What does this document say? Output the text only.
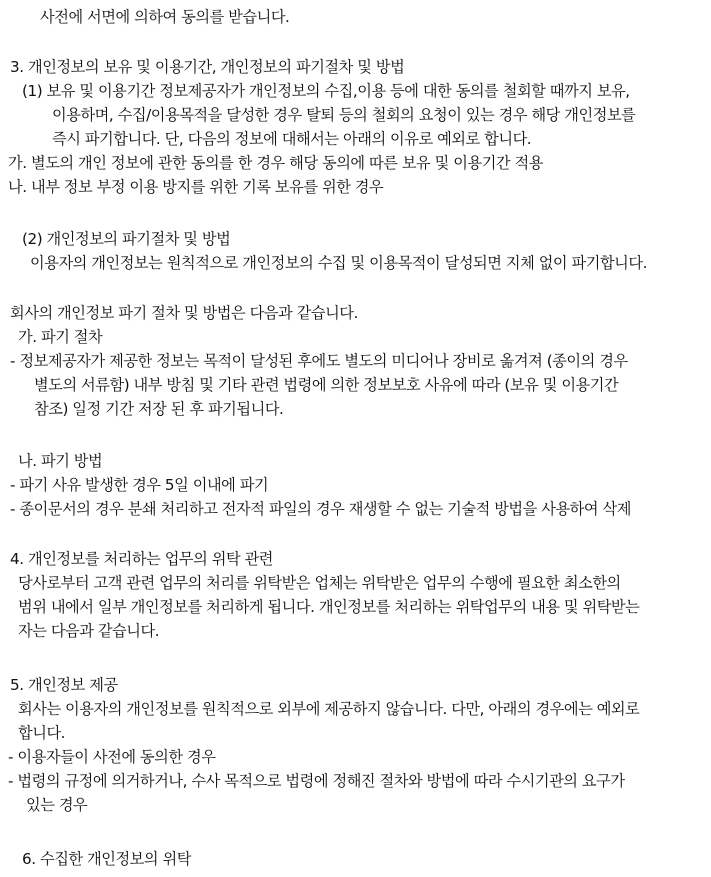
사전에 서면에 의하여 동의를 받습니다.

3. 개인정보의 보유 및 이용기간, 개인정보의 파기절차 및 방법

(1) 보유 및 이용기간 정보제공자가 개인정보의 수집,이용 등에 대한 동의를 철회할 때까지 보유,

이용하며, 수집/이용목적을 달성한 경우 탈퇴 등의 철회의 요청이 있는 경우 해당 개인정보를

즉시 파기합니다. 단, 다음의 정보에 대해서는 아래의 이유로 예외로 합니다.

가. 별도의 개인 정보에 관한 동의를 한 경우 해당 동의에 따른 보유 및 이용기간 적용

나. 내부 정보 부정 이용 방지를 위한 기록 보유를 위한 경우

(2) 개인정보의 파기절차 및 방법

이용자의 개인정보는 원칙적으로 개인정보의 수집 및 이용목적이 달성되면 지체 없이 파기합니다.

회사의 개인정보 파기 절차 및 방법은 다음과 같습니다.

가. 파기 절차

- 정보제공자가 제공한 정보는 목적이 달성된 후에도 별도의 미디어나 장비로 옮겨져 (종이의 경우

별도의 서류함) 내부 방침 및 기타 관련 법령에 의한 정보보호 사유에 따라 (보유 및 이용기간

참조) 일정 기간 저장 된 후 파기됩니다.

나. 파기 방법

- 파기 사유 발생한 경우 5일 이내에 파기

- 종이문서의 경우 분쇄 처리하고 전자적 파일의 경우 재생할 수 없는 기술적 방법을 사용하여 삭제

4. 개인정보를 처리하는 업무의 위탁 관련

당사로부터 고객 관련 업무의 처리를 위탁받은 업체는 위탁받은 업무의 수행에 필요한 최소한의

범위 내에서 일부 개인정보를 처리하게 됩니다. 개인정보를 처리하는 위탁업무의 내용 및 위탁받는

자는 다음과 같습니다.

5. 개인정보 제공

회사는 이용자의 개인정보를 원칙적으로 외부에 제공하지 않습니다. 다만, 아래의 경우에는 예외로

합니다.

- 이용자들이 사전에 동의한 경우

- 법령의 규정에 의거하거나, 수사 목적으로 법령에 정해진 절차와 방법에 따라 수시기관의 요구가

있는 경우

6. 수집한 개인정보의 위탁
